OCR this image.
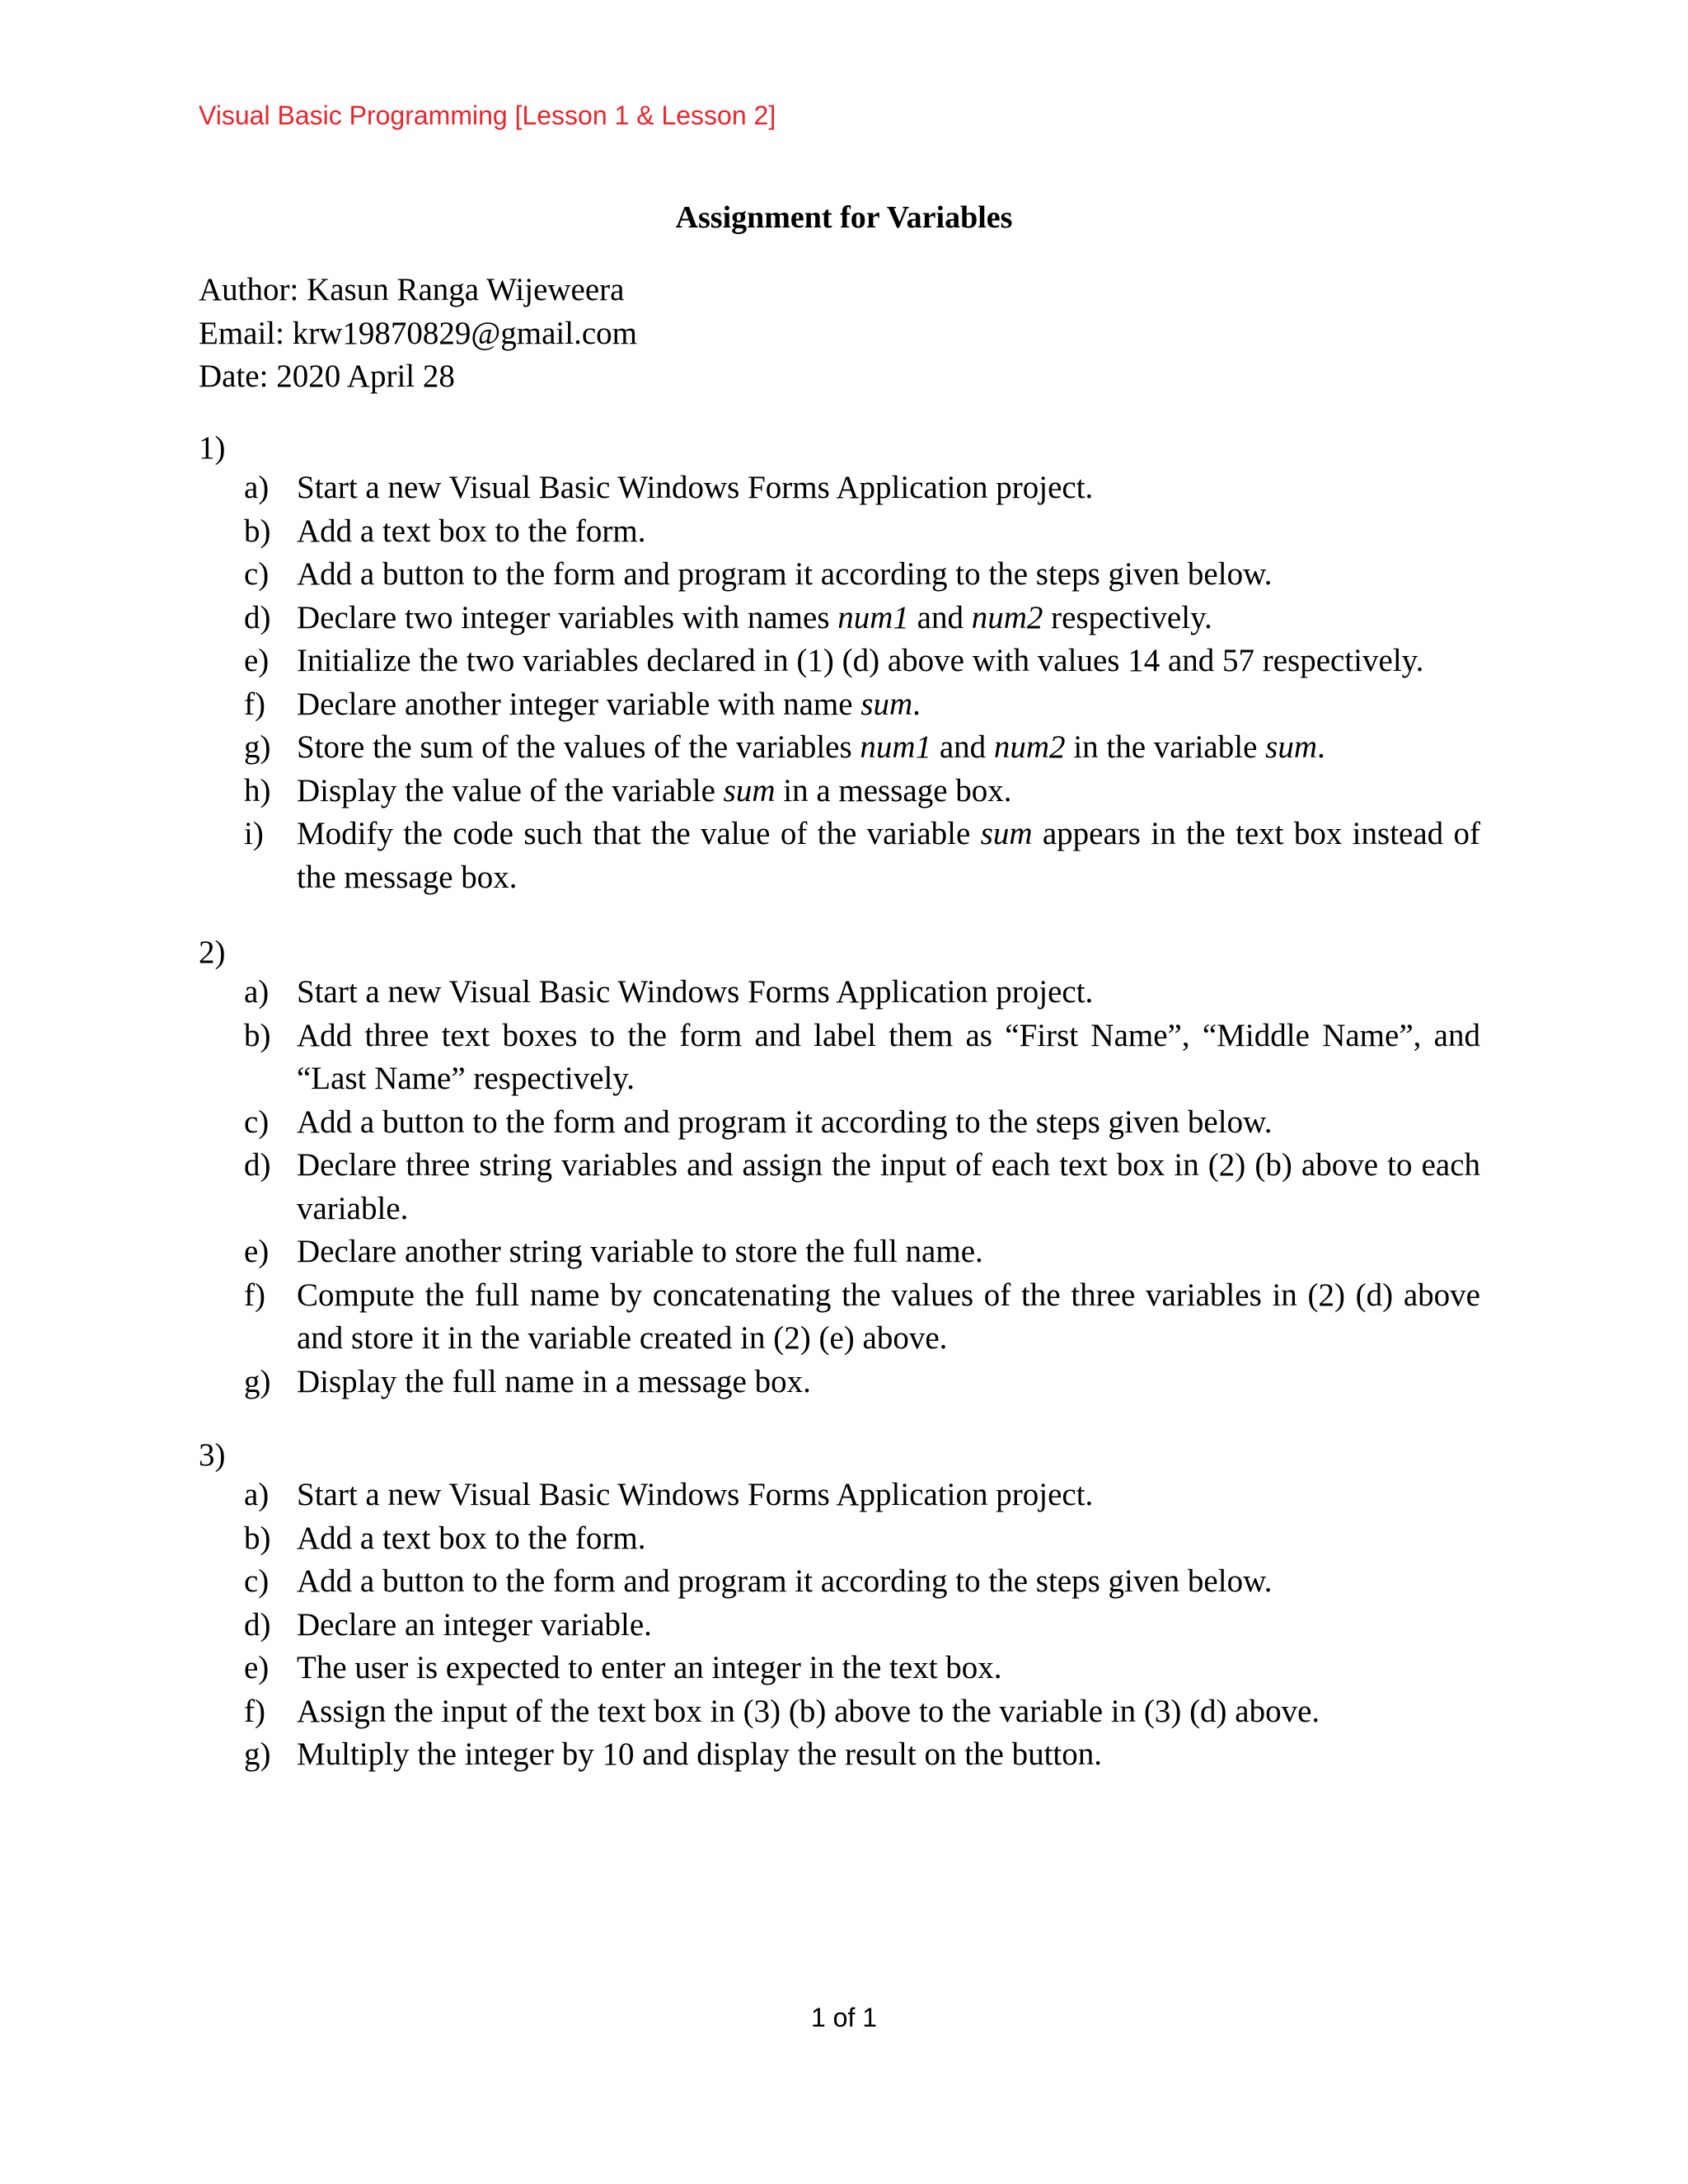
Visual Basic Programming [Lesson 1 & Lesson 2]
Assignment for Variables
Author: Kasun Ranga Wijeweera
Email: krw19870829@gmail.com
Date: 2020 April 28
1)
a) Start a new Visual Basic Windows Forms Application project.
b) Add a text box to the form.
c) Add a button to the form and program it according to the steps given below.
d) Declare two integer variables with names num1 and num2 respectively.
e) Initialize the two variables declared in (1) (d) above with values 14 and 57 respectively.
f) Declare another integer variable with name sum.
g) Store the sum of the values of the variables num1 and num2 in the variable sum.
h) Display the value of the variable sum in a message box.
i) Modify the code such that the value of the variable sum appears in the text box instead of the message box.
2)
a) Start a new Visual Basic Windows Forms Application project.
b) Add three text boxes to the form and label them as “First Name”, “Middle Name”, and “Last Name” respectively.
c) Add a button to the form and program it according to the steps given below.
d) Declare three string variables and assign the input of each text box in (2) (b) above to each variable.
e) Declare another string variable to store the full name.
f) Compute the full name by concatenating the values of the three variables in (2) (d) above and store it in the variable created in (2) (e) above.
g) Display the full name in a message box.
3)
a) Start a new Visual Basic Windows Forms Application project.
b) Add a text box to the form.
c) Add a button to the form and program it according to the steps given below.
d) Declare an integer variable.
e) The user is expected to enter an integer in the text box.
f) Assign the input of the text box in (3) (b) above to the variable in (3) (d) above.
g) Multiply the integer by 10 and display the result on the button.
1 of 1
